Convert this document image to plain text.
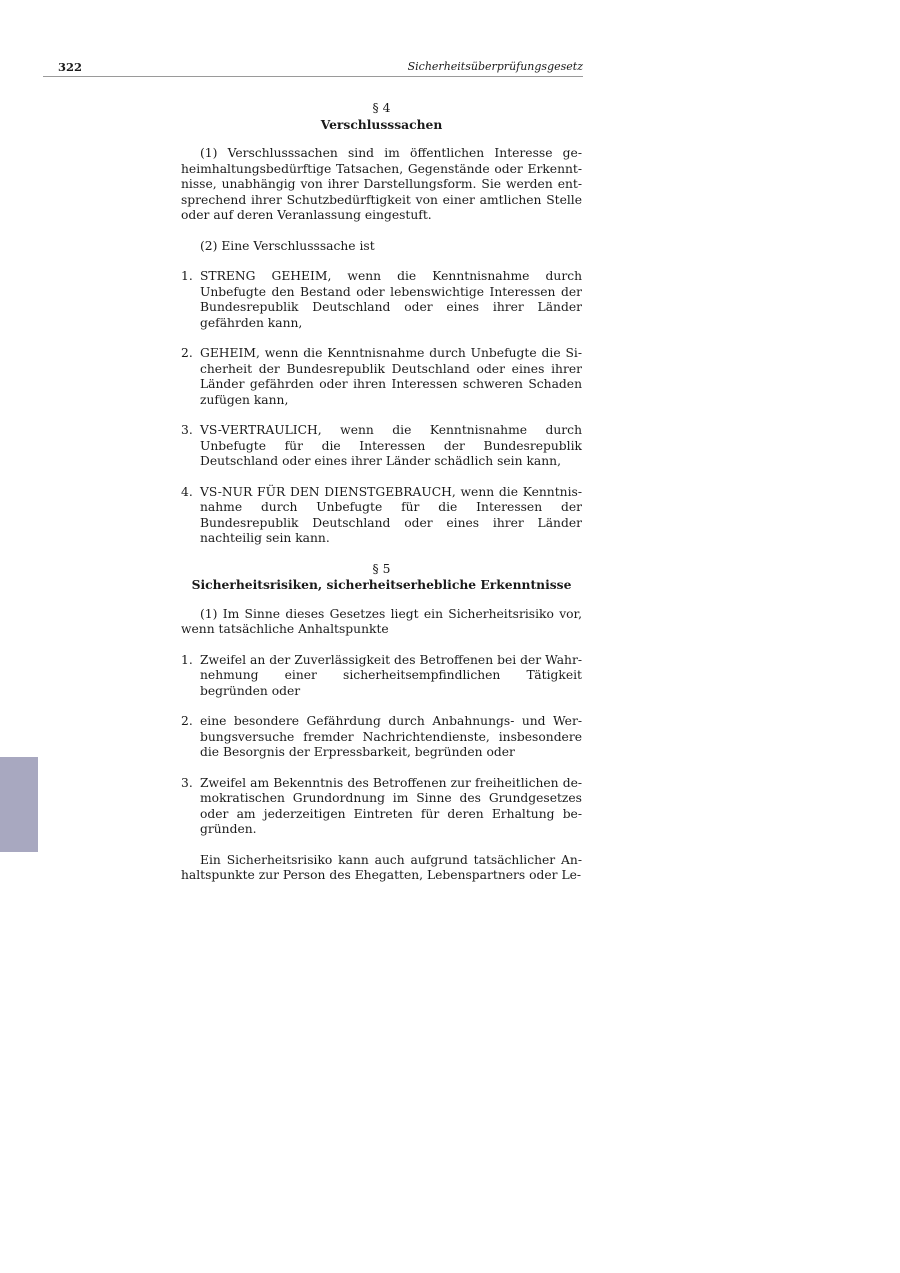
322	Sicherheitsüberprüfungsgesetz

§ 4

Verschlusssachen

(1) Verschlusssachen sind im öffentlichen Interesse geheimhaltungsbedürftige Tatsachen, Gegenstände oder Erkenntnisse, unabhängig von ihrer Darstellungsform. Sie werden entsprechend ihrer Schutzbedürftigkeit von einer amtlichen Stelle oder auf deren Veranlassung eingestuft.

(2) Eine Verschlusssache ist

1. STRENG GEHEIM, wenn die Kenntnisnahme durch Unbefugte den Bestand oder lebenswichtige Interessen der Bundesrepublik Deutschland oder eines ihrer Länder gefährden kann,
2. GEHEIM, wenn die Kenntnisnahme durch Unbefugte die Sicherheit der Bundesrepublik Deutschland oder eines ihrer Länder gefährden oder ihren Interessen schweren Schaden zufügen kann,
3. VS-VERTRAULICH, wenn die Kenntnisnahme durch Unbefugte für die Interessen der Bundesrepublik Deutschland oder eines ihrer Länder schädlich sein kann,
4. VS-NUR FÜR DEN DIENSTGEBRAUCH, wenn die Kenntnisnahme durch Unbefugte für die Interessen der Bundesrepublik Deutschland oder eines ihrer Länder nachteilig sein kann.

§ 5

Sicherheitsrisiken, sicherheitserhebliche Erkenntnisse

(1) Im Sinne dieses Gesetzes liegt ein Sicherheitsrisiko vor, wenn tatsächliche Anhaltspunkte

1. Zweifel an der Zuverlässigkeit des Betroffenen bei der Wahrnehmung einer sicherheitsempfindlichen Tätigkeit begründen oder
2. eine besondere Gefährdung durch Anbahnungs- und Werbungsversuche fremder Nachrichtendienste, insbesondere die Besorgnis der Erpressbarkeit, begründen oder
3. Zweifel am Bekenntnis des Betroffenen zur freiheitlichen demokratischen Grundordnung im Sinne des Grundgesetzes oder am jederzeitigen Eintreten für deren Erhaltung begründen.

Ein Sicherheitsrisiko kann auch aufgrund tatsächlicher Anhaltspunkte zur Person des Ehegatten, Lebenspartners oder Le-
